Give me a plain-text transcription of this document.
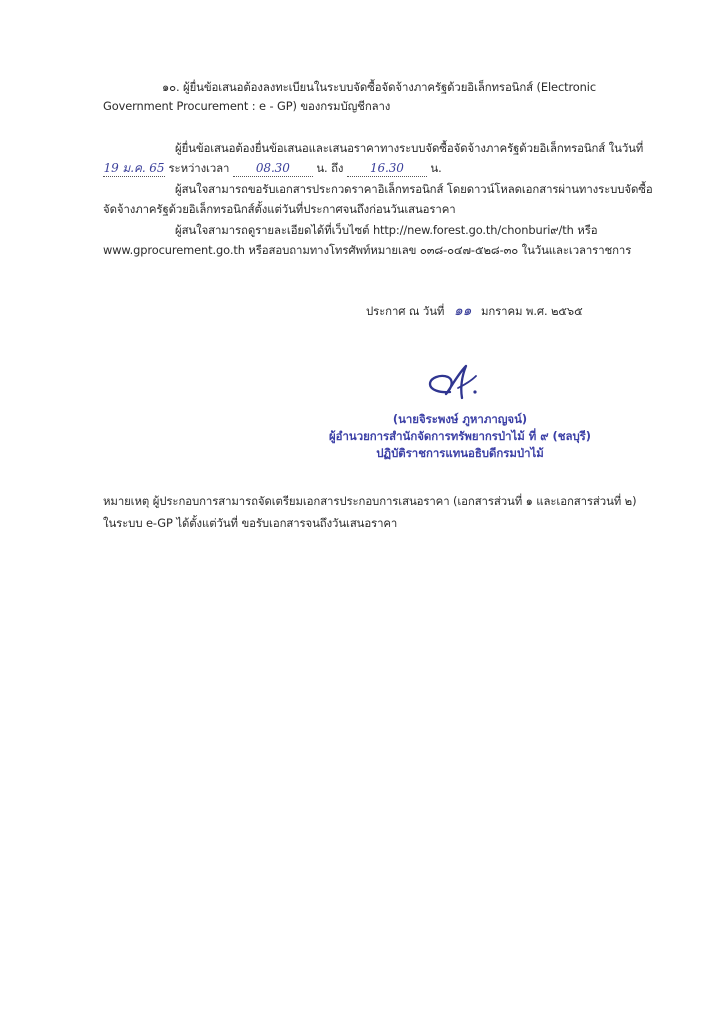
๑๐. ผู้ยื่นข้อเสนอต้องลงทะเบียนในระบบจัดซื้อจัดจ้างภาครัฐด้วยอิเล็กทรอนิกส์ (Electronic
Government Procurement : e - GP) ของกรมบัญชีกลาง
ผู้ยื่นข้อเสนอต้องยื่นข้อเสนอและเสนอราคาทางระบบจัดซื้อจัดจ้างภาครัฐด้วยอิเล็กทรอนิกส์ ในวันที่
19 ม.ค. 65 ระหว่างเวลา 08.30 น. ถึง 16.30 น.
ผู้สนใจสามารถขอรับเอกสารประกวดราคาอิเล็กทรอนิกส์ โดยดาวน์โหลดเอกสารผ่านทางระบบจัดซื้อ
จัดจ้างภาครัฐด้วยอิเล็กทรอนิกส์ตั้งแต่วันที่ประกาศจนถึงก่อนวันเสนอราคา
ผู้สนใจสามารถดูรายละเอียดได้ที่เว็บไซต์ http://new.forest.go.th/chonburi๙/th หรือ
www.gprocurement.go.th หรือสอบถามทางโทรศัพท์หมายเลข ๐๓๘-๐๔๗-๕๒๘-๓๐ ในวันและเวลาราชการ
ประกาศ ณ วันที่ ๑๑ มกราคม พ.ศ. ๒๕๖๕
(นายจิระพงษ์ ภูหาภาญจน์)
ผู้อำนวยการสำนักจัดการทรัพยากรป่าไม้ ที่ ๙ (ชลบุรี)
ปฏิบัติราชการแทนอธิบดีกรมป่าไม้
หมายเหตุ ผู้ประกอบการสามารถจัดเตรียมเอกสารประกอบการเสนอราคา (เอกสารส่วนที่ ๑ และเอกสารส่วนที่ ๒)
ในระบบ e-GP ได้ตั้งแต่วันที่ ขอรับเอกสารจนถึงวันเสนอราคา
